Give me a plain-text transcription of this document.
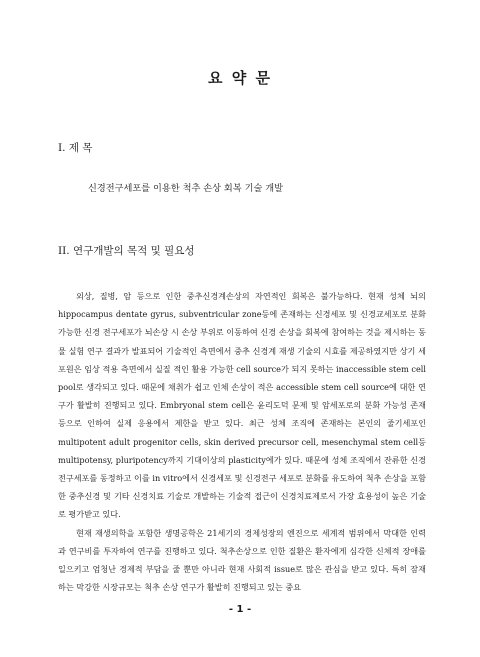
요 약 문
I. 제 목
신경전구세포를 이용한 척추 손상 회복 기술 개발
II. 연구개발의 목적 및 필요성

외상, 질병, 암 등으로 인한 중추신경계손상의 자연적인 회복은 불가능하다. 현재 성체 뇌의 hippocampus dentate gyrus, subventricular zone등에 존재하는 신경세포 및 신경교세포로 분화 가능한 신경 전구세포가 뇌손상 시 손상 부위로 이동하여 신경 손상을 회복에 참여하는 것을 제시하는 동물 실험 연구 결과가 발표되어 기술적인 측면에서 중추 신경계 재생 기술의 시효를 제공하였지만 상기 세포원은 임상 적용 측면에서 실질 적인 활용 가능한 cell source가 되지 못하는 inaccessible stem cell pool로 생각되고 있다. 때문에 채취가 쉽고 인체 손상이 적은 accessible stem cell source에 대한 연구가 활발히 진행되고 있다. Embryonal stem cell은 윤리도덕 문제 및 암세포로의 분화 가능성 존재 등으로 인하여 실제 응용에서 제한을 받고 있다. 최근 성체 조직에 존재하는 본인의 줄기세포인 multipotent adult progenitor cells, skin derived precursor cell, mesenchymal stem cell등 multipotensy, pluripotency까지 기대이상의 plasticity에가 있다. 때문에 성체 조직에서 잔류한 신경 전구세포를 동정하고 이를 in vitro에서 신경세포 및 신경전구 세포로 분화를 유도하여 척추 손상을 포함한 중추신경 및 기타 신경치료 기술로 개발하는 기술적 접근이 신경치료제로서 가장 효용성이 높은 기술로 평가받고 있다.

현재 재생의학을 포함한 생명공학은 21세기의 경제성장의 엔진으로 세계적 범위에서 막대한 인력과 연구비를 투자하여 연구를 진행하고 있다. 척추손상으로 인한 질환은 환자에게 심각한 신체적 장애를 일으키고 엄청난 경제적 부담을 줄 뿐만 아니라 현재 사회적 issue로 많은 관심을 받고 있다. 특히 잠재 하는 막강한 시장규모는 척추 손상 연구가 활발히 진행되고 있는 중요

- 1 -
